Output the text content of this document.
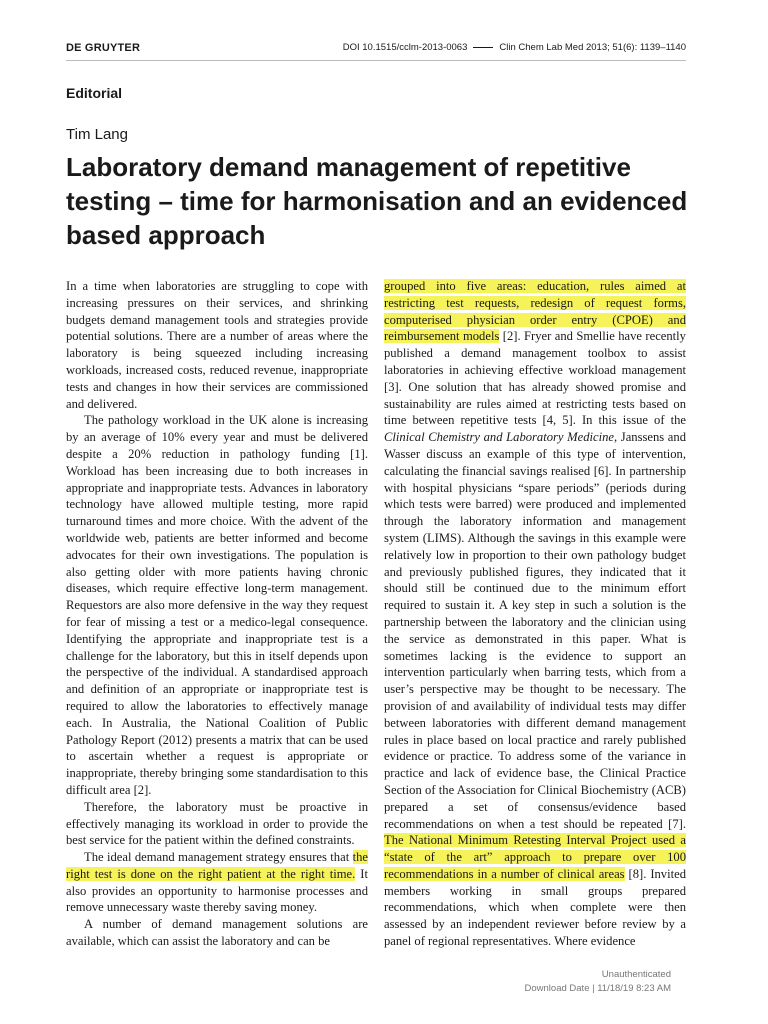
DE GRUYTER	DOI 10.1515/cclm-2013-0063	Clin Chem Lab Med 2013; 51(6): 1139–1140
Editorial
Tim Lang
Laboratory demand management of repetitive testing – time for harmonisation and an evidenced based approach

In a time when laboratories are struggling to cope with increasing pressures on their services, and shrinking budgets demand management tools and strategies provide potential solutions. There are a number of areas where the laboratory is being squeezed including increasing workloads, increased costs, reduced revenue, inappropriate tests and changes in how their services are commissioned and delivered.

The pathology workload in the UK alone is increasing by an average of 10% every year and must be delivered despite a 20% reduction in pathology funding [1]. Workload has been increasing due to both increases in appropriate and inappropriate tests. Advances in laboratory technology have allowed multiple testing, more rapid turnaround times and more choice. With the advent of the worldwide web, patients are better informed and become advocates for their own investigations. The population is also getting older with more patients having chronic diseases, which require effective long-term management. Requestors are also more defensive in the way they request for fear of missing a test or a medico-legal consequence. Identifying the appropriate and inappropriate test is a challenge for the laboratory, but this in itself depends upon the perspective of the individual. A standardised approach and definition of an appropriate or inappropriate test is required to allow the laboratories to effectively manage each. In Australia, the National Coalition of Public Pathology Report (2012) presents a matrix that can be used to ascertain whether a request is appropriate or inappropriate, thereby bringing some standardisation to this difficult area [2].

Therefore, the laboratory must be proactive in effectively managing its workload in order to provide the best service for the patient within the defined constraints.

The ideal demand management strategy ensures that the right test is done on the right patient at the right time. It also provides an opportunity to harmonise processes and remove unnecessary waste thereby saving money.

A number of demand management solutions are available, which can assist the laboratory and can be

grouped into five areas: education, rules aimed at restricting test requests, redesign of request forms, computerised physician order entry (CPOE) and reimbursement models [2]. Fryer and Smellie have recently published a demand management toolbox to assist laboratories in achieving effective workload management [3]. One solution that has already showed promise and sustainability are rules aimed at restricting tests based on time between repetitive tests [4, 5]. In this issue of the Clinical Chemistry and Laboratory Medicine, Janssens and Wasser discuss an example of this type of intervention, calculating the financial savings realised [6]. In partnership with hospital physicians “spare periods” (periods during which tests were barred) were produced and implemented through the laboratory information and management system (LIMS). Although the savings in this example were relatively low in proportion to their own pathology budget and previously published figures, they indicated that it should still be continued due to the minimum effort required to sustain it. A key step in such a solution is the partnership between the laboratory and the clinician using the service as demonstrated in this paper. What is sometimes lacking is the evidence to support an intervention particularly when barring tests, which from a user’s perspective may be thought to be necessary. The provision of and availability of individual tests may differ between laboratories with different demand management rules in place based on local practice and rarely published evidence or practice. To address some of the variance in practice and lack of evidence base, the Clinical Practice Section of the Association for Clinical Biochemistry (ACB) prepared a set of consensus/evidence based recommendations on when a test should be repeated [7]. The National Minimum Retesting Interval Project used a “state of the art” approach to prepare over 100 recommendations in a number of clinical areas [8]. Invited members working in small groups prepared recommendations, which when complete were then assessed by an independent reviewer before review by a panel of regional representatives. Where evidence

Unauthenticated
Download Date | 11/18/19 8:23 AM
